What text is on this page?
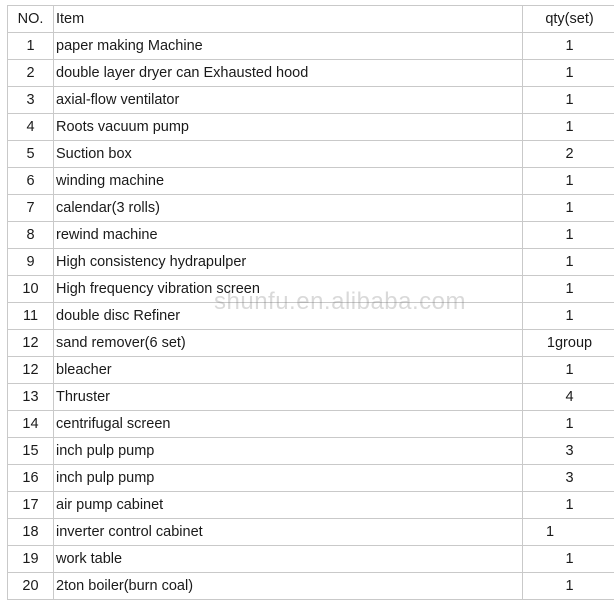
NO.	Item	qty(set)
1	paper making Machine	1
2	double layer dryer can Exhausted hood	1
3	axial-flow ventilator	1
4	Roots vacuum pump	1
5	Suction box	2
6	winding machine	1
7	calendar(3 rolls)	1
8	rewind machine	1
9	High consistency hydrapulper	1
10	High frequency vibration screen	1
11	double disc Refiner	1
12	sand remover(6 set)	1group
12	bleacher	1
13	Thruster	4
14	centrifugal screen	1
15	inch pulp pump	3
16	inch pulp pump	3
17	air pump cabinet	1
18	inverter control cabinet	1
19	work table	1
20	2ton boiler(burn coal)	1
shunfu.en.alibaba.com
